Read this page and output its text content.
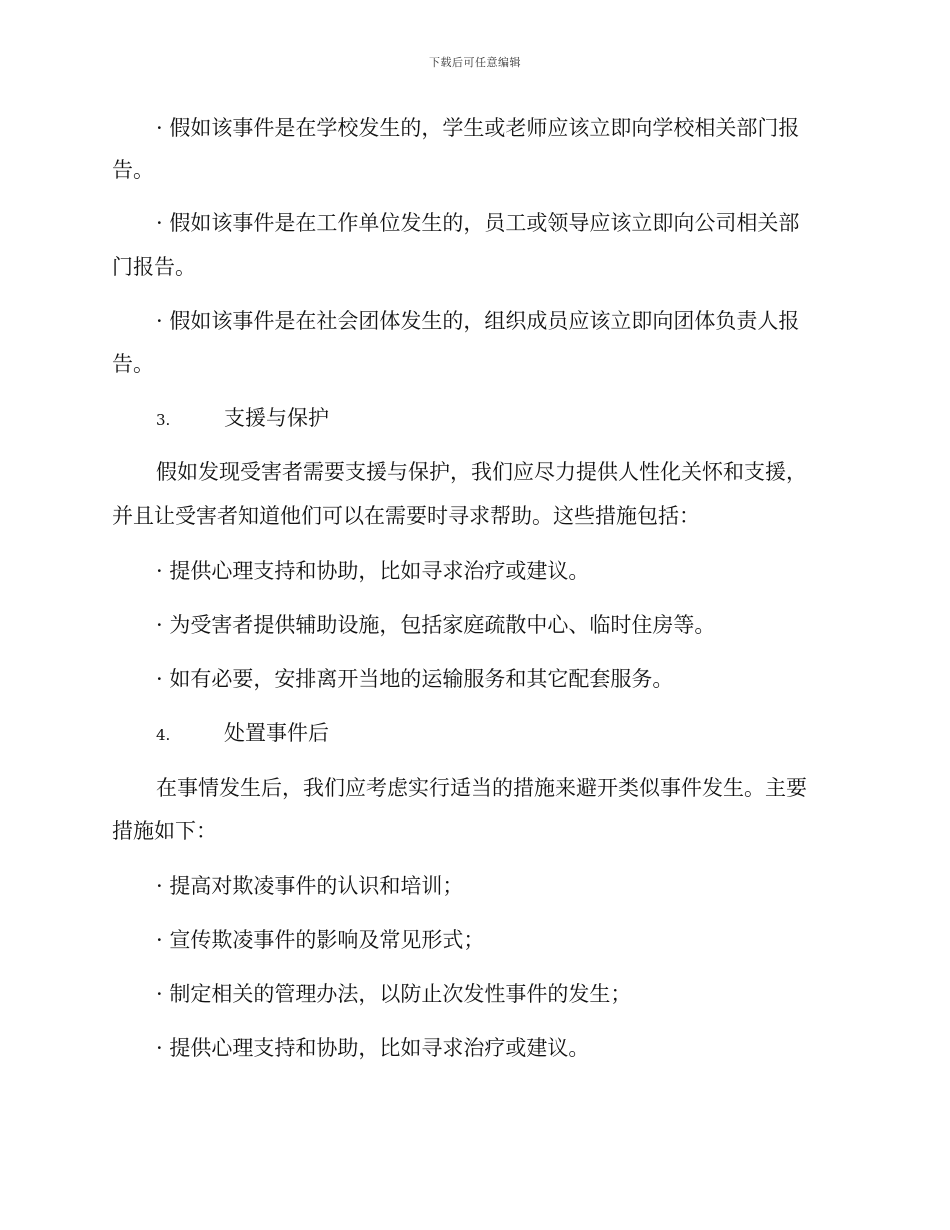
下载后可任意编辑
· 假如该事件是在学校发生的，学生或老师应该立即向学校相关部门报
告。
· 假如该事件是在工作单位发生的，员工或领导应该立即向公司相关部
门报告。
· 假如该事件是在社会团体发生的，组织成员应该立即向团体负责人报
告。
3.	支援与保护
假如发现受害者需要支援与保护，我们应尽力提供人性化关怀和支援，
并且让受害者知道他们可以在需要时寻求帮助。这些措施包括：
· 提供心理支持和协助，比如寻求治疗或建议。
· 为受害者提供辅助设施，包括家庭疏散中心、临时住房等。
· 如有必要，安排离开当地的运输服务和其它配套服务。
4.	处置事件后
在事情发生后，我们应考虑实行适当的措施来避开类似事件发生。主要
措施如下：
· 提高对欺凌事件的认识和培训；
· 宣传欺凌事件的影响及常见形式；
· 制定相关的管理办法，以防止次发性事件的发生；
· 提供心理支持和协助，比如寻求治疗或建议。
